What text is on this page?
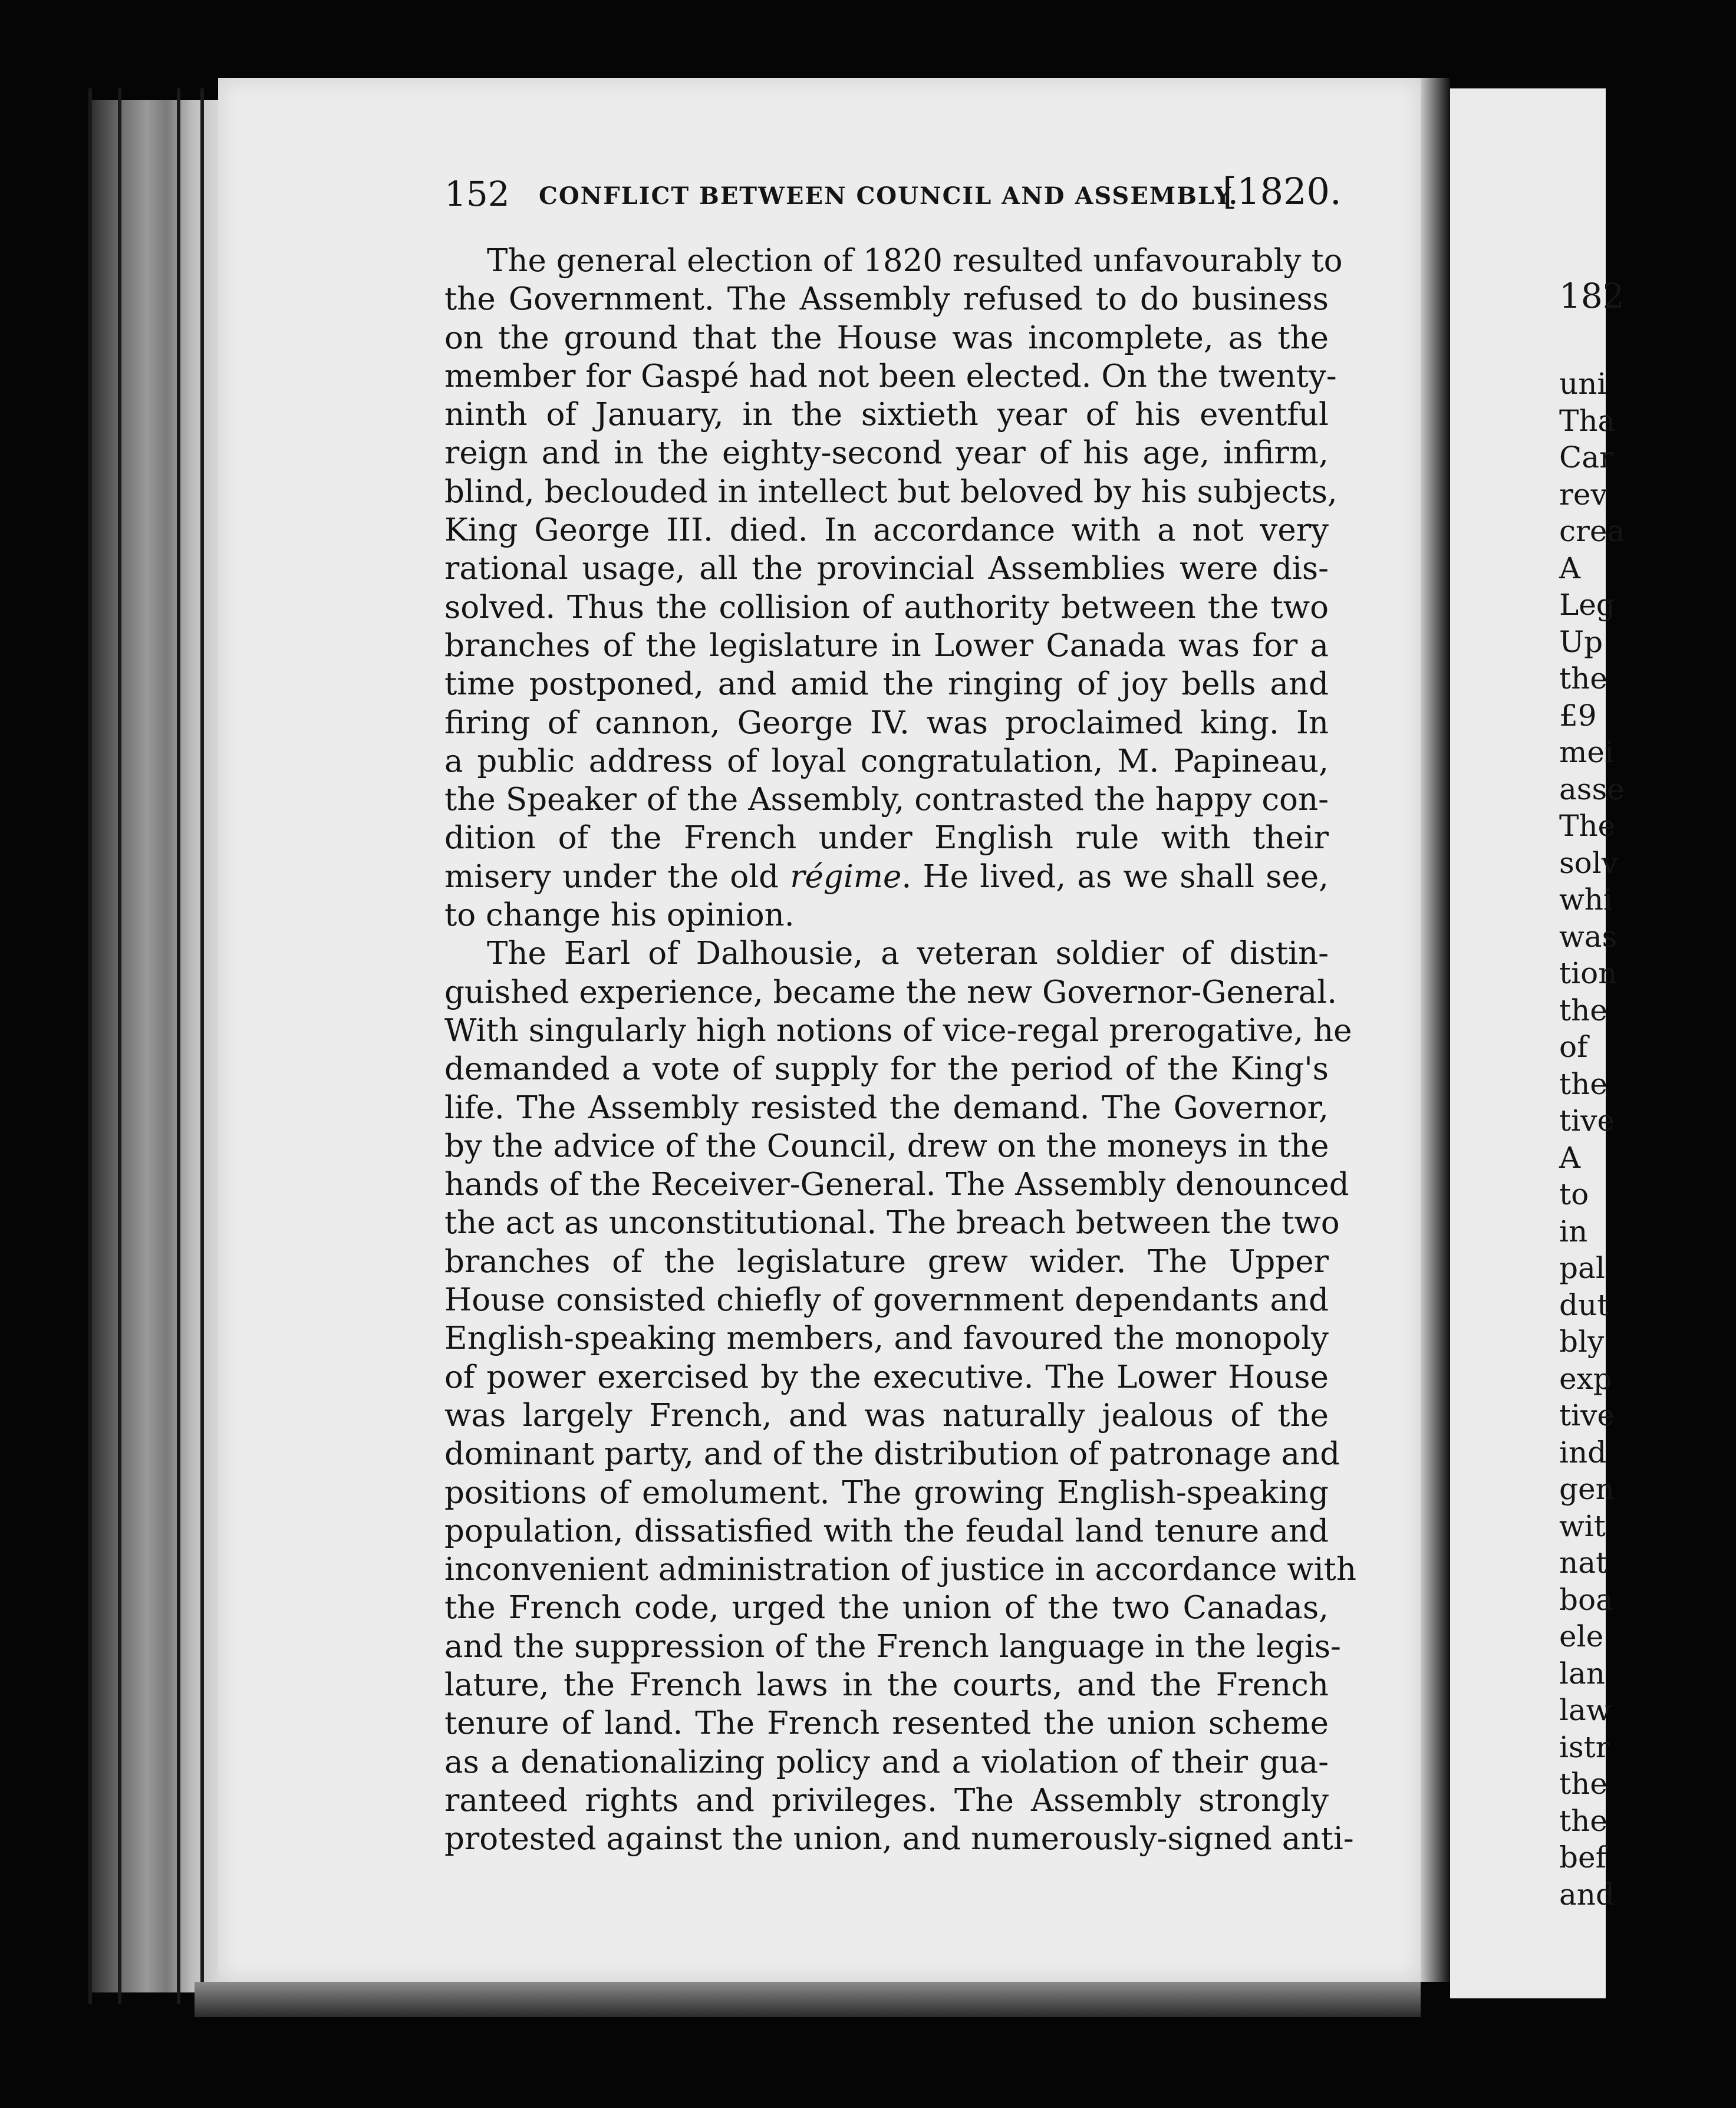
182
uni
Tha
Car
rev
crea
A
Leg
Up
the
£9
mei
asse
The
solv
whi
was
tion
the
of
the
tive
A
to
in
pal
dut
bly
exp
tive
ind
gen
wit
nat
boa
ele
lan
law
istr
the
the
bef
and
152 CONFLICT BETWEEN COUNCIL AND ASSEMBLY.
[1820.
The general election of 1820 resulted unfavourably to
the Government. The Assembly refused to do business
on the ground that the House was incomplete, as the
member for Gaspé had not been elected. On the twenty-
ninth of January, in the sixtieth year of his eventful
reign and in the eighty-second year of his age, infirm,
blind, beclouded in intellect but beloved by his subjects,
King George III. died. In accordance with a not very
rational usage, all the provincial Assemblies were dis-
solved. Thus the collision of authority between the two
branches of the legislature in Lower Canada was for a
time postponed, and amid the ringing of joy bells and
firing of cannon, George IV. was proclaimed king. In
a public address of loyal congratulation, M. Papineau,
the Speaker of the Assembly, contrasted the happy con-
dition of the French under English rule with their
misery under the old régime. He lived, as we shall see,
to change his opinion.
The Earl of Dalhousie, a veteran soldier of distin-
guished experience, became the new Governor-General.
With singularly high notions of vice-regal prerogative, he
demanded a vote of supply for the period of the King's
life. The Assembly resisted the demand. The Governor,
by the advice of the Council, drew on the moneys in the
hands of the Receiver-General. The Assembly denounced
the act as unconstitutional. The breach between the two
branches of the legislature grew wider. The Upper
House consisted chiefly of government dependants and
English-speaking members, and favoured the monopoly
of power exercised by the executive. The Lower House
was largely French, and was naturally jealous of the
dominant party, and of the distribution of patronage and
positions of emolument. The growing English-speaking
population, dissatisfied with the feudal land tenure and
inconvenient administration of justice in accordance with
the French code, urged the union of the two Canadas,
and the suppression of the French language in the legis-
lature, the French laws in the courts, and the French
tenure of land. The French resented the union scheme
as a denationalizing policy and a violation of their gua-
ranteed rights and privileges. The Assembly strongly
protested against the union, and numerously-signed anti-
